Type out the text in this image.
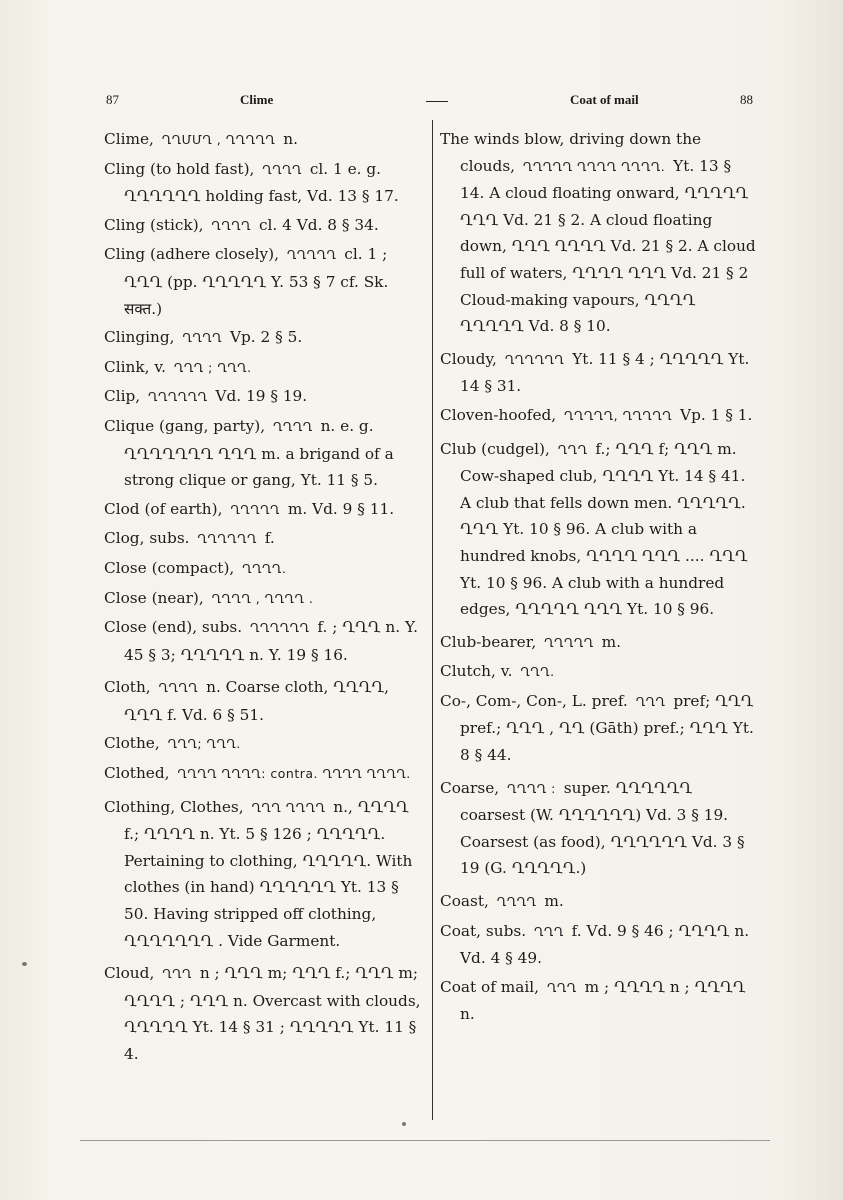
87	Clime	Coat of mail	88
Clime, ՂՂՄՄՂ , ՂՂՂՂՂ n.
Cling (to hold fast), ՂՂՂՂ cl. 1 e. g. ՂՂՂՂՂՂ holding fast, Vd. 13 § 17.
Cling (stick), ՂՂՂՂ cl. 4 Vd. 8 § 34.
Cling (adhere closely), ՂՂՂՂՂ cl. 1 ; ՂՂՂ (pp. ՂՂՂՂՂ Y. 53 § 7 cf. Sk. सक्त.)
Clinging, ՂՂՂՂ Vp. 2 § 5.
Clink, v. ՂՂՂ ; ՂՂՂ.
Clip, ՂՂՂՂՂՂ Vd. 19 § 19.
Clique (gang, party), ՂՂՂՂ n. e. g. ՂՂՂՂՂՂՂ ՂՂՂ m. a brigand of a strong clique or gang, Yt. 11 § 5.
Clod (of earth), ՂՂՂՂՂ m. Vd. 9 § 11.
Clog, subs. ՂՂՂՂՂՂ f.
Close (compact), ՂՂՂՂ.
Close (near), ՂՂՂՂ , ՂՂՂՂ .
Close (end), subs. ՂՂՂՂՂՂ f. ; ՂՂՂ n. Y. 45 § 3; ՂՂՂՂՂ n. Y. 19 § 16.
Cloth, ՂՂՂՂ n. Coarse cloth, ՂՂՂՂ, ՂՂՂ f. Vd. 6 § 51.
Clothe, ՂՂՂ; ՂՂՂ.
Clothed, ՂՂՂՂ ՂՂՂՂ: contra. ՂՂՂՂ ՂՂՂՂ.
Clothing, Clothes, ՂՂՂ ՂՂՂՂ n., ՂՂՂՂ f.; ՂՂՂՂ n. Yt. 5 § 126 ; ՂՂՂՂՂ. Pertaining to clothing, ՂՂՂՂՂ. With clothes (in hand) ՂՂՂՂՂՂ Yt. 13 § 50. Having stripped off clothing, ՂՂՂՂՂՂՂ . Vide Garment.
Cloud, ՂՂՂ n ; ՂՂՂ m; ՂՂՂ f.; ՂՂՂ m; ՂՂՂՂ ; ՂՂՂ n. Overcast with clouds, ՂՂՂՂՂ Yt. 14 § 31 ; ՂՂՂՂՂ Yt. 11 § 4.
The winds blow, driving down the clouds, ՂՂՂՂՂ ՂՂՂՂ ՂՂՂՂ. Yt. 13 § 14. A cloud floating onward, ՂՂՂՂՂ ՂՂՂ Vd. 21 § 2. A cloud floating down, ՂՂՂ ՂՂՂՂ Vd. 21 § 2. A cloud full of waters, ՂՂՂՂ ՂՂՂ Vd. 21 § 2 Cloud-making vapours, ՂՂՂՂ ՂՂՂՂՂ Vd. 8 § 10.
Cloudy, ՂՂՂՂՂՂ Yt. 11 § 4 ; ՂՂՂՂՂ Yt. 14 § 31.
Cloven-hoofed, ՂՂՂՂՂ, ՂՂՂՂՂ Vp. 1 § 1.
Club (cudgel), ՂՂՂ f.; ՂՂՂ f; ՂՂՂ m. Cow-shaped club, ՂՂՂՂ Yt. 14 § 41. A club that fells down men. ՂՂՂՂՂ. ՂՂՂ Yt. 10 § 96. A club with a hundred knobs, ՂՂՂՂ ՂՂՂ .... ՂՂՂ Yt. 10 § 96. A club with a hundred edges, ՂՂՂՂՂ ՂՂՂ Yt. 10 § 96.
Club-bearer, ՂՂՂՂՂ m.
Clutch, v. ՂՂՂ.
Co-, Com-, Con-, L. pref. ՂՂՂ pref; ՂՂՂ pref.; ՂՂՂ , ՂՂ (Gāth) pref.; ՂՂՂ Yt. 8 § 44.
Coarse, ՂՂՂՂ : super. ՂՂՂՂՂՂ coarsest (W. ՂՂՂՂՂՂ) Vd. 3 § 19. Coarsest (as food), ՂՂՂՂՂՂ Vd. 3 § 19 (G. ՂՂՂՂՂ.)
Coast, ՂՂՂՂ m.
Coat, subs. ՂՂՂ f. Vd. 9 § 46 ; ՂՂՂՂ n. Vd. 4 § 49.
Coat of mail, ՂՂՂ m ; ՂՂՂՂ n ; ՂՂՂՂ n.
